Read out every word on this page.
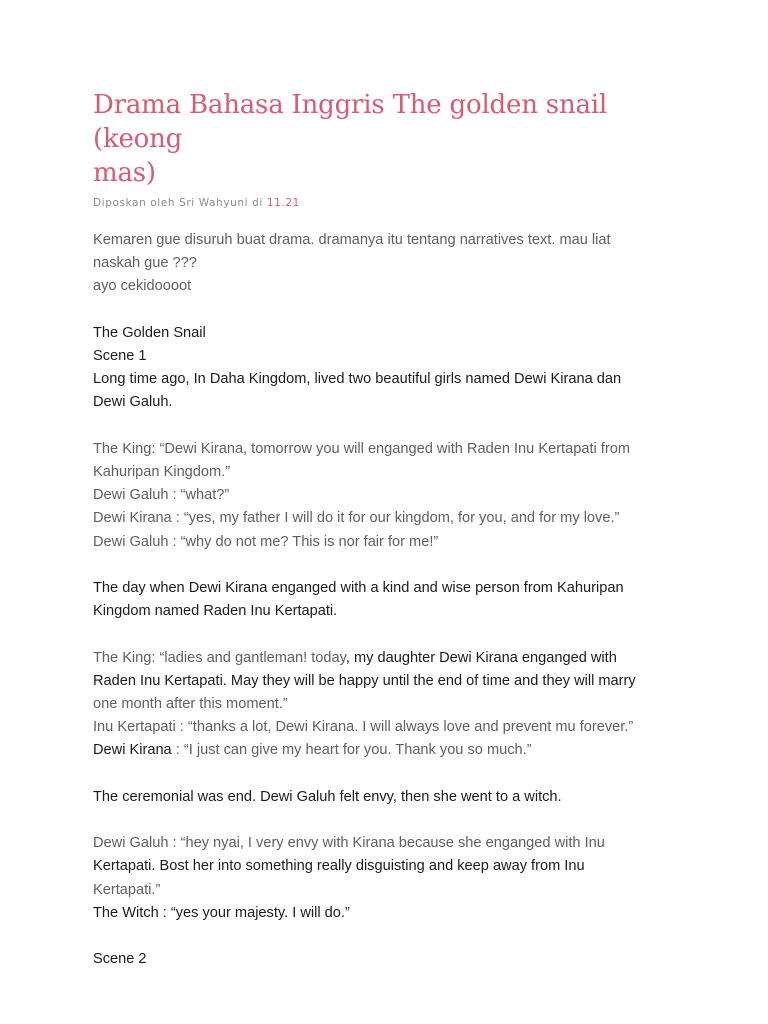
Drama Bahasa Inggris The golden snail (keong
mas)
Diposkan oleh Sri Wahyuni di 11.21
Kemaren gue disuruh buat drama. dramanya itu tentang narratives text. mau liat
naskah gue ???
ayo cekidoooot
The Golden Snail
Scene 1
Long time ago, In Daha Kingdom, lived two beautiful girls named Dewi Kirana dan
Dewi Galuh.
The King: “Dewi Kirana, tomorrow you will enganged with Raden Inu Kertapati from
Kahuripan Kingdom.”
Dewi Galuh : “what?”
Dewi Kirana : “yes, my father I will do it for our kingdom, for you, and for my love.”
Dewi Galuh : “why do not me? This is nor fair for me!”
The day when Dewi Kirana enganged with a kind and wise person from Kahuripan
Kingdom named Raden Inu Kertapati.
The King: “ladies and gantleman! today, my daughter Dewi Kirana enganged with
Raden Inu Kertapati. May they will be happy until the end of time and they will marry
one month after this moment.”
Inu Kertapati : “thanks a lot, Dewi Kirana. I will always love and prevent mu forever.”
Dewi Kirana : “I just can give my heart for you. Thank you so much.”
The ceremonial was end. Dewi Galuh felt envy, then she went to a witch.
Dewi Galuh : “hey nyai, I very envy with Kirana because she enganged with Inu
Kertapati. Bost her into something really disguisting and keep away from Inu
Kertapati.”
The Witch : “yes your majesty. I will do.”
Scene 2
